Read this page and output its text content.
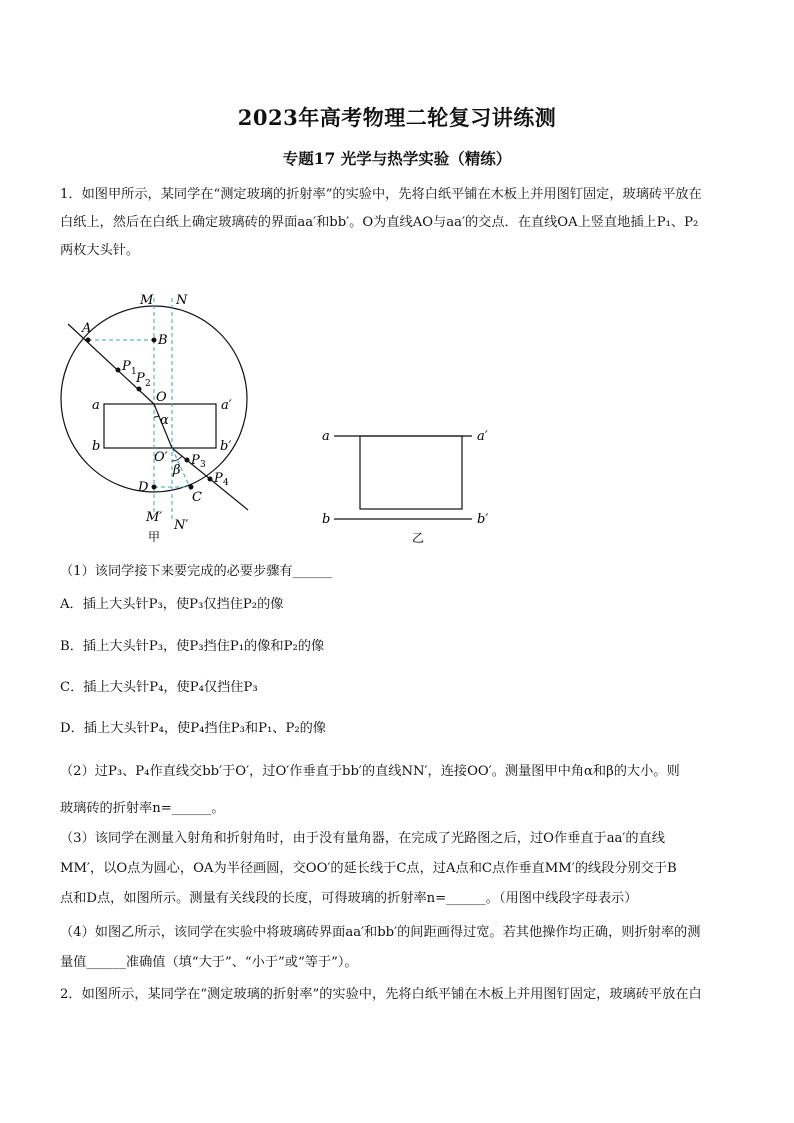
2023年高考物理二轮复习讲练测
专题17 光学与热学实验（精练）
1．如图甲所示，某同学在“测定玻璃的折射率”的实验中，先将白纸平铺在木板上并用图钉固定，玻璃砖平放在
白纸上，然后在白纸上确定玻璃砖的界面aa′和bb′。O为直线AO与aa′的交点．在直线OA上竖直地插上P₁、P₂
两枚大头针。
M N
A
B
P 1 P 2
O
a	a′
α
b	b′
O′ P 3
β
P 4
D
C
M′
N′
甲
a	a′
b	b′
乙
（1）该同学接下来要完成的必要步骤有______
A．插上大头针P₃，使P₃仅挡住P₂的像
B．插上大头针P₃，使P₃挡住P₁的像和P₂的像
C．插上大头针P₄，使P₄仅挡住P₃
D．插上大头针P₄，使P₄挡住P₃和P₁、P₂的像
（2）过P₃、P₄作直线交bb′于O′，过O′作垂直于bb′的直线NN′，连接OO′。测量图甲中角α和β的大小。则
玻璃砖的折射率n=______。
（3）该同学在测量入射角和折射角时，由于没有量角器，在完成了光路图之后，过O作垂直于aa′的直线
MM′，以O点为圆心，OA为半径画圆，交OO′的延长线于C点，过A点和C点作垂直MM′的线段分别交于B
点和D点，如图所示。测量有关线段的长度，可得玻璃的折射率n=______。（用图中线段字母表示）
（4）如图乙所示，该同学在实验中将玻璃砖界面aa′和bb′的间距画得过宽。若其他操作均正确，则折射率的测
量值______准确值（填“大于”、“小于”或“等于”）。
2．如图所示，某同学在“测定玻璃的折射率”的实验中，先将白纸平铺在木板上并用图钉固定，玻璃砖平放在白
